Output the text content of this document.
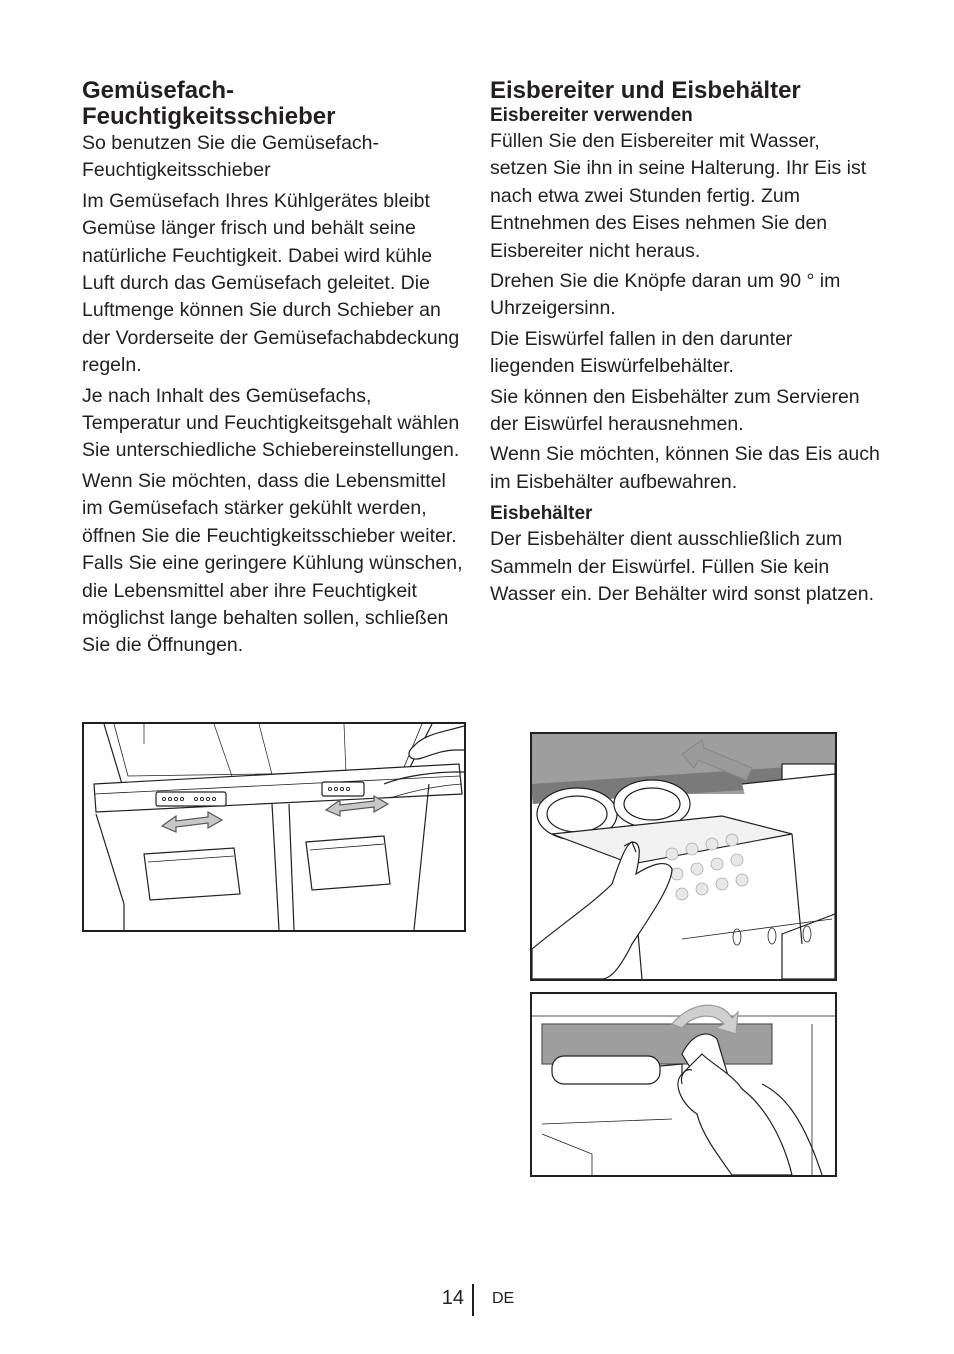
Gemüsefach-
Feuchtigkeitsschieber

So benutzen Sie die Gemüsefach-Feuchtigkeitsschieber

Im Gemüsefach Ihres Kühlgerätes bleibt Gemüse länger frisch und behält seine natürliche Feuchtigkeit. Dabei wird kühle Luft durch das Gemüsefach geleitet. Die Luftmenge können Sie durch Schieber an der Vorderseite der Gemüsefachabdeckung regeln.

Je nach Inhalt des Gemüsefachs, Temperatur und Feuchtigkeitsgehalt wählen Sie unterschiedliche Schiebereinstellungen.

Wenn Sie möchten, dass die Lebensmittel im Gemüsefach stärker gekühlt werden, öffnen Sie die Feuchtigkeitsschieber weiter. Falls Sie eine geringere Kühlung wünschen, die Lebensmittel aber ihre Feuchtigkeit möglichst lange behalten sollen, schließen Sie die Öffnungen.

Eisbereiter und Eisbehälter
Eisbereiter verwenden

Füllen Sie den Eisbereiter mit Wasser, setzen Sie ihn in seine Halterung. Ihr Eis ist nach etwa zwei Stunden fertig. Zum Entnehmen des Eises nehmen Sie den Eisbereiter nicht heraus.

Drehen Sie die Knöpfe daran um 90 ° im Uhrzeigersinn.

Die Eiswürfel fallen in den darunter liegenden Eiswürfelbehälter.

Sie können den Eisbehälter zum Servieren der Eiswürfel herausnehmen.

Wenn Sie möchten, können Sie das Eis auch im Eisbehälter aufbewahren.

Eisbehälter

Der Eisbehälter dient ausschließlich zum Sammeln der Eiswürfel. Füllen Sie kein Wasser ein. Der Behälter wird sonst platzen.

14 DE
